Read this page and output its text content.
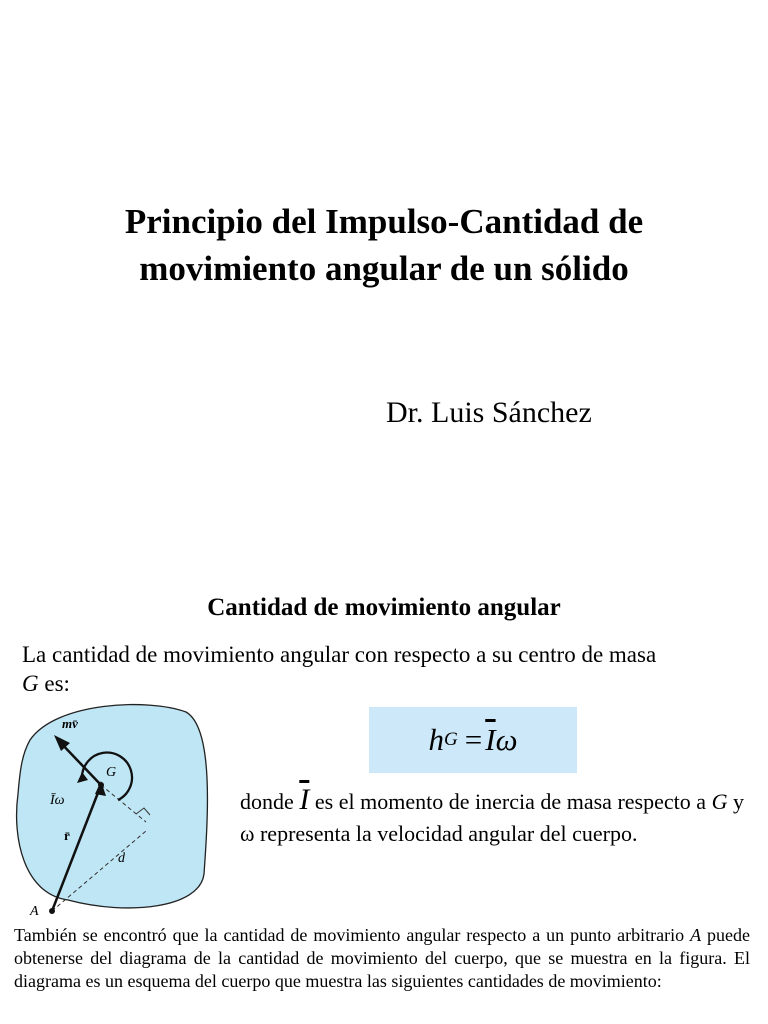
Principio del Impulso-Cantidad de
movimiento angular de un sólido
Dr. Luis Sánchez
Cantidad de movimiento angular
La cantidad de movimiento angular con respecto a su centro de masa
G es:
mv̄
G
Īω
r̄
d
A
h $G = \overline{I}$ ω
donde $\overline{I}$ es el momento de inercia de masa respecto a G y ω representa la velocidad angular del cuerpo.
También se encontró que la cantidad de movimiento angular respecto a un punto arbitrario A puede obtenerse del diagrama de la cantidad de movimiento del cuerpo, que se muestra en la figura. El diagrama es un esquema del cuerpo que muestra las siguientes cantidades de movimiento:
